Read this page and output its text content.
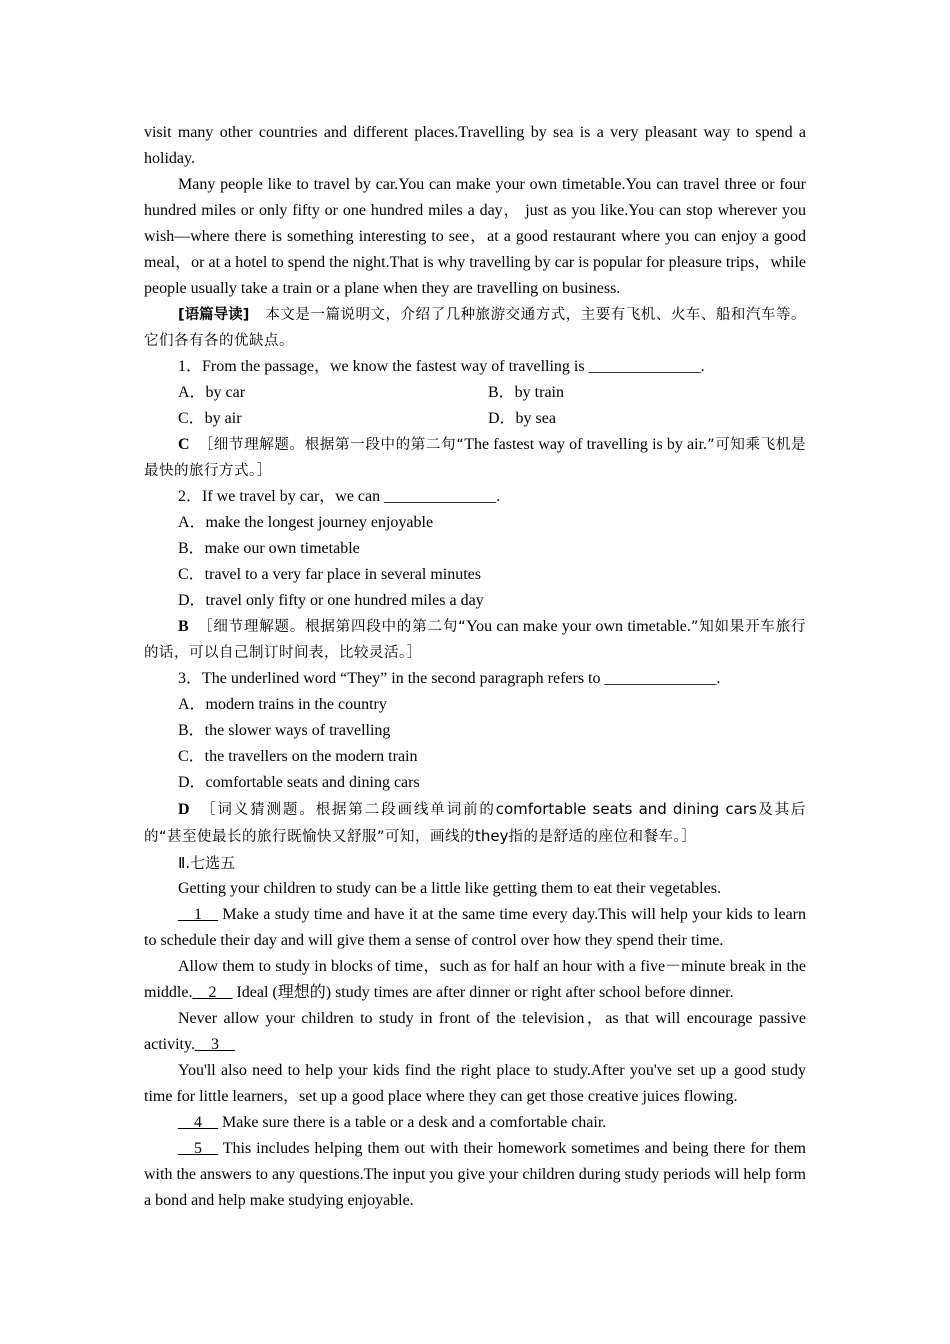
visit many other countries and different places.Travelling by sea is a very pleasant way to spend a holiday.

Many people like to travel by car.You can make your own timetable.You can travel three or four hundred miles or only fifty or one hundred miles a day， just as you like.You can stop wherever you wish—where there is something interesting to see，at a good restaurant where you can enjoy a good meal，or at a hotel to spend the night.That is why travelling by car is popular for pleasure trips，while people usually take a train or a plane when they are travelling on business.

[语篇导读]　 本文是一篇说明文，介绍了几种旅游交通方式，主要有飞机、火车、船和汽车等。它们各有各的优缺点。

1．From the passage，we know the fastest way of travelling is ______________.
A．by car	B．by train
C．by air	D．by sea

C　 ［细节理解题。根据第一段中的第二句“The fastest way of travelling is by air.”可知乘飞机是最快的旅行方式。］

2．If we travel by car，we can ______________.
A．make the longest journey enjoyable
B．make our own timetable
C．travel to a very far place in several minutes
D．travel only fifty or one hundred miles a day

B　 ［细节理解题。根据第四段中的第二句“You can make your own timetable.”知如果开车旅行的话，可以自己制订时间表，比较灵活。］

3．The underlined word “They” in the second paragraph refers to ______________.
A．modern trains in the country
B．the slower ways of travelling
C．the travellers on the modern train
D．comfortable seats and dining cars

D　 ［词义猜测题。根据第二段画线单词前的comfortable seats and dining cars及其后的“甚至使最长的旅行既愉快又舒服”可知，画线的they指的是舒适的座位和餐车。］

Ⅱ.七选五

Getting your children to study can be a little like getting them to eat their vegetables.

__1__ Make a study time and have it at the same time every day.This will help your kids to learn to schedule their day and will give them a sense of control over how they spend their time.

Allow them to study in blocks of time，such as for half an hour with a five－minute break in the middle.__2__ Ideal (理想的) study times are after dinner or right after school before dinner.

Never allow your children to study in front of the television，as that will encourage passive activity.__3__

You'll also need to help your kids find the right place to study.After you've set up a good study time for little learners，set up a good place where they can get those creative juices flowing.

__4__ Make sure there is a table or a desk and a comfortable chair.

__5__ This includes helping them out with their homework sometimes and being there for them with the answers to any questions.The input you give your children during study periods will help form a bond and help make studying enjoyable.
